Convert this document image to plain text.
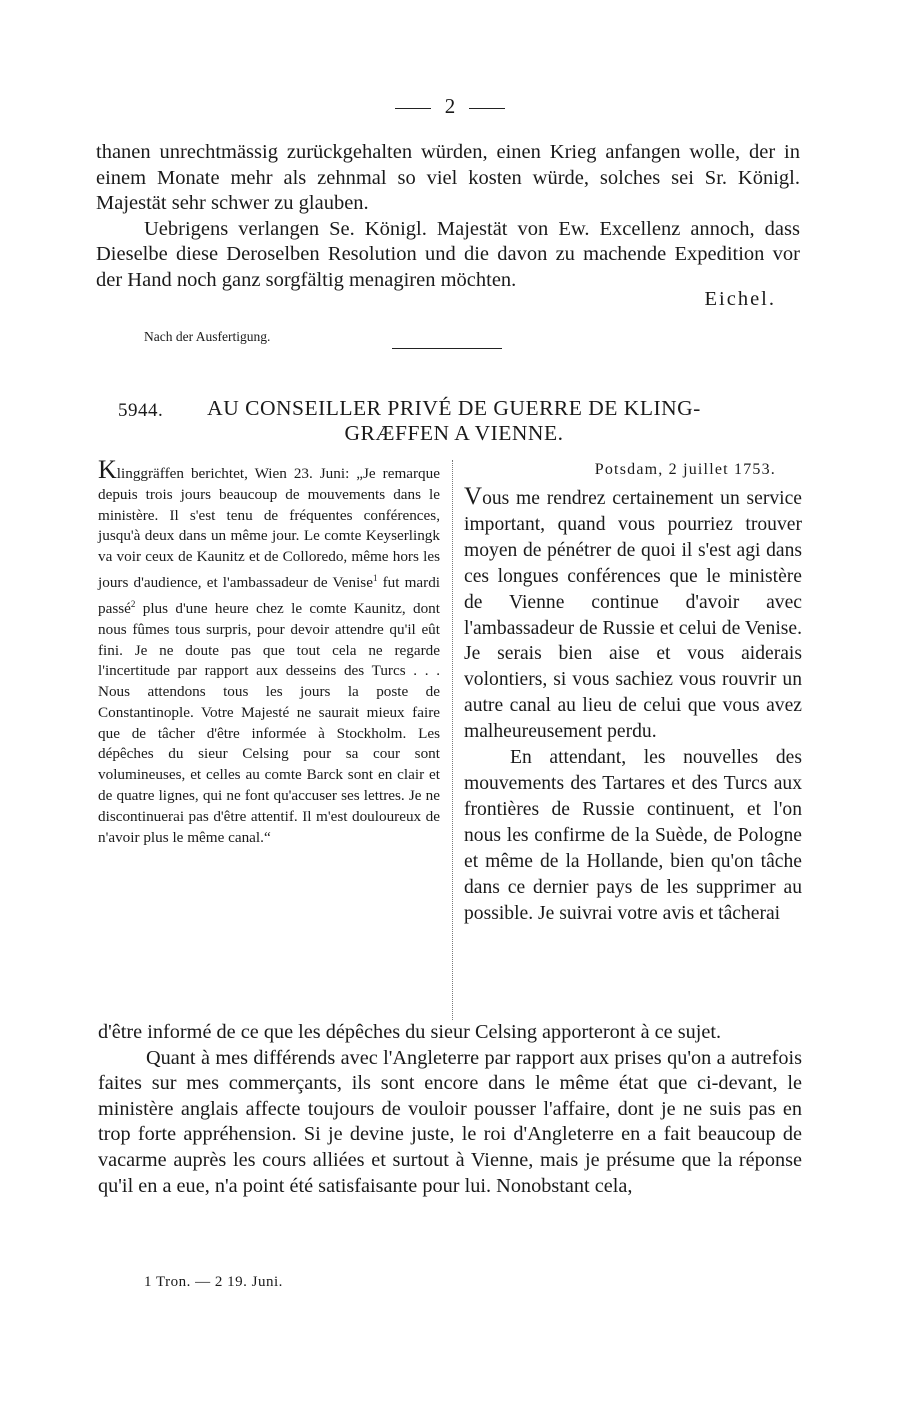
2

thanen unrechtmässig zurückgehalten würden, einen Krieg anfangen wolle, der in einem Monate mehr als zehnmal so viel kosten würde, solches sei Sr. Königl. Majestät sehr schwer zu glauben.

Uebrigens verlangen Se. Königl. Majestät von Ew. Excellenz annoch, dass Dieselbe diese Deroselben Resolution und die davon zu machende Expedition vor der Hand noch ganz sorgfältig menagiren möchten.

Eichel.
Nach der Ausfertigung.
5944.	AU CONSEILLER PRIVÉ DE GUERRE DE KLING-
GRÆFFEN A VIENNE.

Klinggräffen berichtet, Wien 23. Juni: „Je remarque depuis trois jours beaucoup de mouvements dans le ministère. Il s'est tenu de fréquentes conférences, jusqu'à deux dans un même jour. Le comte Keyserlingk va voir ceux de Kaunitz et de Colloredo, même hors les jours d'audience, et l'ambassadeur de Venise$^1$ fut mardi passé$^2$ plus d'une heure chez le comte Kaunitz, dont nous fûmes tous surpris, pour devoir attendre qu'il eût fini. Je ne doute pas que tout cela ne regarde l'incertitude par rapport aux desseins des Turcs . . . Nous attendons tous les jours la poste de Constantinople. Votre Majesté ne saurait mieux faire que de tâcher d'être informée à Stockholm. Les dépêches du sieur Celsing pour sa cour sont volumineuses, et celles au comte Barck sont en clair et de quatre lignes, qui ne font qu'accuser ses lettres. Je ne discontinuerai pas d'être attentif. Il m'est douloureux de n'avoir plus le même canal.“

Potsdam, 2 juillet 1753.

Vous me rendrez certainement un service important, quand vous pourriez trouver moyen de pénétrer de quoi il s'est agi dans ces longues conférences que le ministère de Vienne continue d'avoir avec l'ambassadeur de Russie et celui de Venise. Je serais bien aise et vous aiderais volontiers, si vous sachiez vous rouvrir un autre canal au lieu de celui que vous avez malheureusement perdu.

En attendant, les nouvelles des mouvements des Tartares et des Turcs aux frontières de Russie continuent, et l'on nous les confirme de la Suède, de Pologne et même de la Hollande, bien qu'on tâche dans ce dernier pays de les supprimer au possible. Je suivrai votre avis et tâcherai

d'être informé de ce que les dépêches du sieur Celsing apporteront à ce sujet.

Quant à mes différends avec l'Angleterre par rapport aux prises qu'on a autrefois faites sur mes commerçants, ils sont encore dans le même état que ci-devant, le ministère anglais affecte toujours de vouloir pousser l'affaire, dont je ne suis pas en trop forte appréhension. Si je devine juste, le roi d'Angleterre en a fait beaucoup de vacarme auprès les cours alliées et surtout à Vienne, mais je présume que la réponse qu'il en a eue, n'a point été satisfaisante pour lui. Nonobstant cela,

1 Tron. — 2 19. Juni.
